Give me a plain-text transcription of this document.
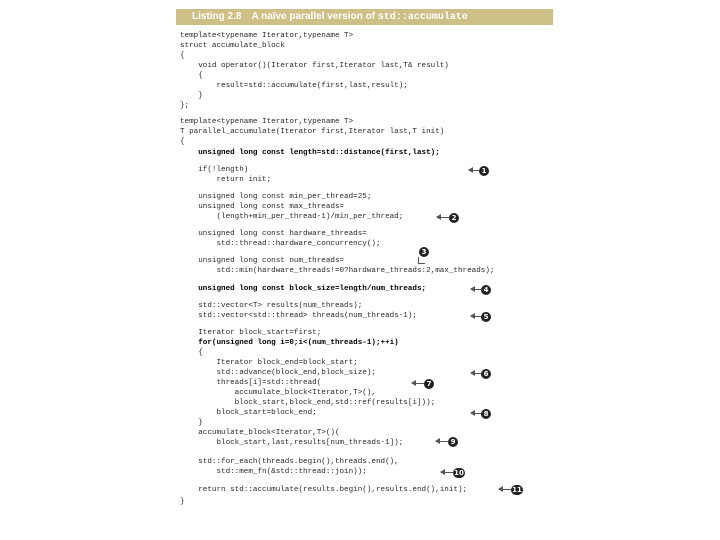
Listing 2.8 A naïve parallel version of std::accumulate
template<typename Iterator,typename T>
struct accumulate_block
{
void operator()(Iterator first,Iterator last,T& result)
{
result=std::accumulate(first,last,result);
}
};
template<typename Iterator,typename T>
T parallel_accumulate(Iterator first,Iterator last,T init)
{
unsigned long const length=std::distance(first,last);
if(!length)
return init;
unsigned long const min_per_thread=25;
unsigned long const max_threads=
(length+min_per_thread-1)/min_per_thread;
unsigned long const hardware_threads=
std::thread::hardware_concurrency();
unsigned long const num_threads=
std::min(hardware_threads!=0?hardware_threads:2,max_threads);
unsigned long const block_size=length/num_threads;
std::vector<T> results(num_threads);
std::vector<std::thread> threads(num_threads-1);
Iterator block_start=first;
for(unsigned long i=0;i<(num_threads-1);++i)
{
Iterator block_end=block_start;
std::advance(block_end,block_size);
threads[i]=std::thread(
accumulate_block<Iterator,T>(),
block_start,block_end,std::ref(results[i]));
block_start=block_end;
}
accumulate_block<Iterator,T>()(
block_start,last,results[num_threads-1]);
std::for_each(threads.begin(),threads.end(),
std::mem_fn(&std::thread::join));
return std::accumulate(results.begin(),results.end(),init);
}
1
2
3
4
5
6
7
8
9
10
11
